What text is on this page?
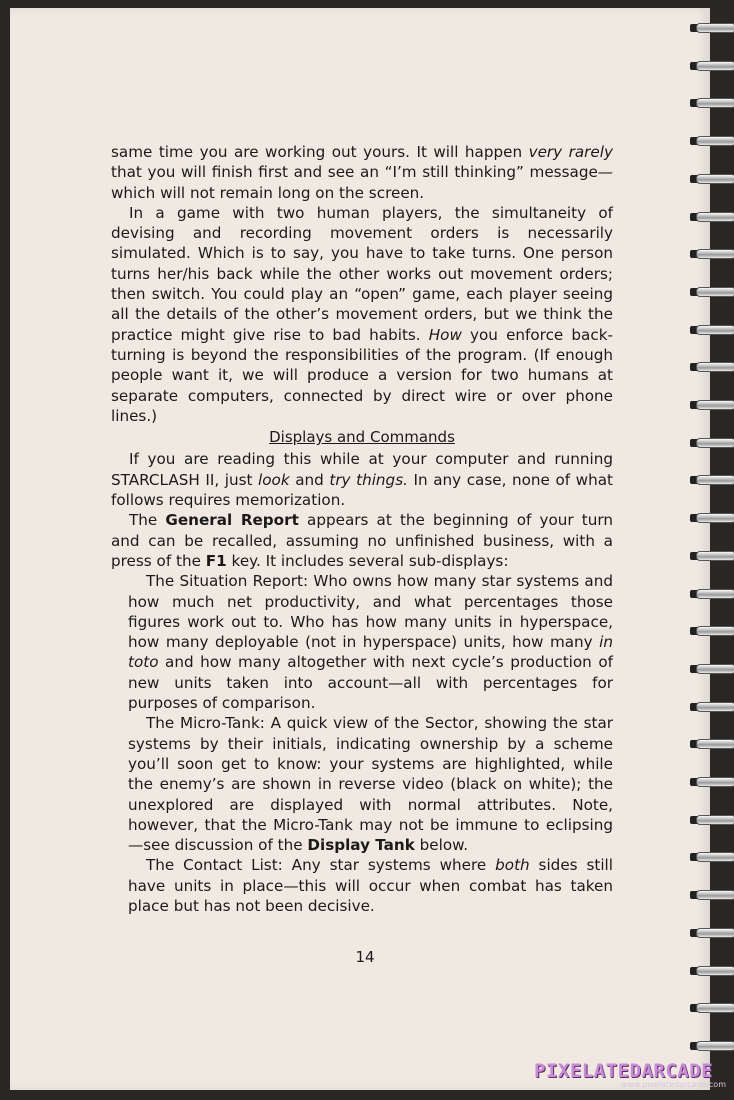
same time you are working out yours. It will happen very rarely that you will finish first and see an “I’m still thinking” message—which will not remain long on the screen.

In a game with two human players, the simultaneity of devising and recording movement orders is necessarily simulated. Which is to say, you have to take turns. One person turns her/his back while the other works out movement orders; then switch. You could play an “open” game, each player seeing all the details of the other’s movement orders, but we think the practice might give rise to bad habits. How you enforce back-turning is beyond the responsibilities of the program. (If enough people want it, we will produce a version for two humans at separate computers, connected by direct wire or over phone lines.)

Displays and Commands

If you are reading this while at your computer and running STARCLASH II, just look and try things. In any case, none of what follows requires memorization.

The General Report appears at the beginning of your turn and can be recalled, assuming no unfinished business, with a press of the F1 key. It includes several sub-displays:

The Situation Report: Who owns how many star systems and how much net productivity, and what percentages those figures work out to. Who has how many units in hyperspace, how many deployable (not in hyperspace) units, how many in toto and how many altogether with next cycle’s production of new units taken into account—all with percentages for purposes of comparison.

The Micro-Tank: A quick view of the Sector, showing the star systems by their initials, indicating ownership by a scheme you’ll soon get to know: your systems are highlighted, while the enemy’s are shown in reverse video (black on white); the unexplored are displayed with normal attributes. Note, however, that the Micro-Tank may not be immune to eclipsing—see discussion of the Display Tank below.

The Contact List: Any star systems where both sides still have units in place—this will occur when combat has taken place but has not been decisive.

14
PIXELATEDARCADE
www.pixelatedarcade.com
